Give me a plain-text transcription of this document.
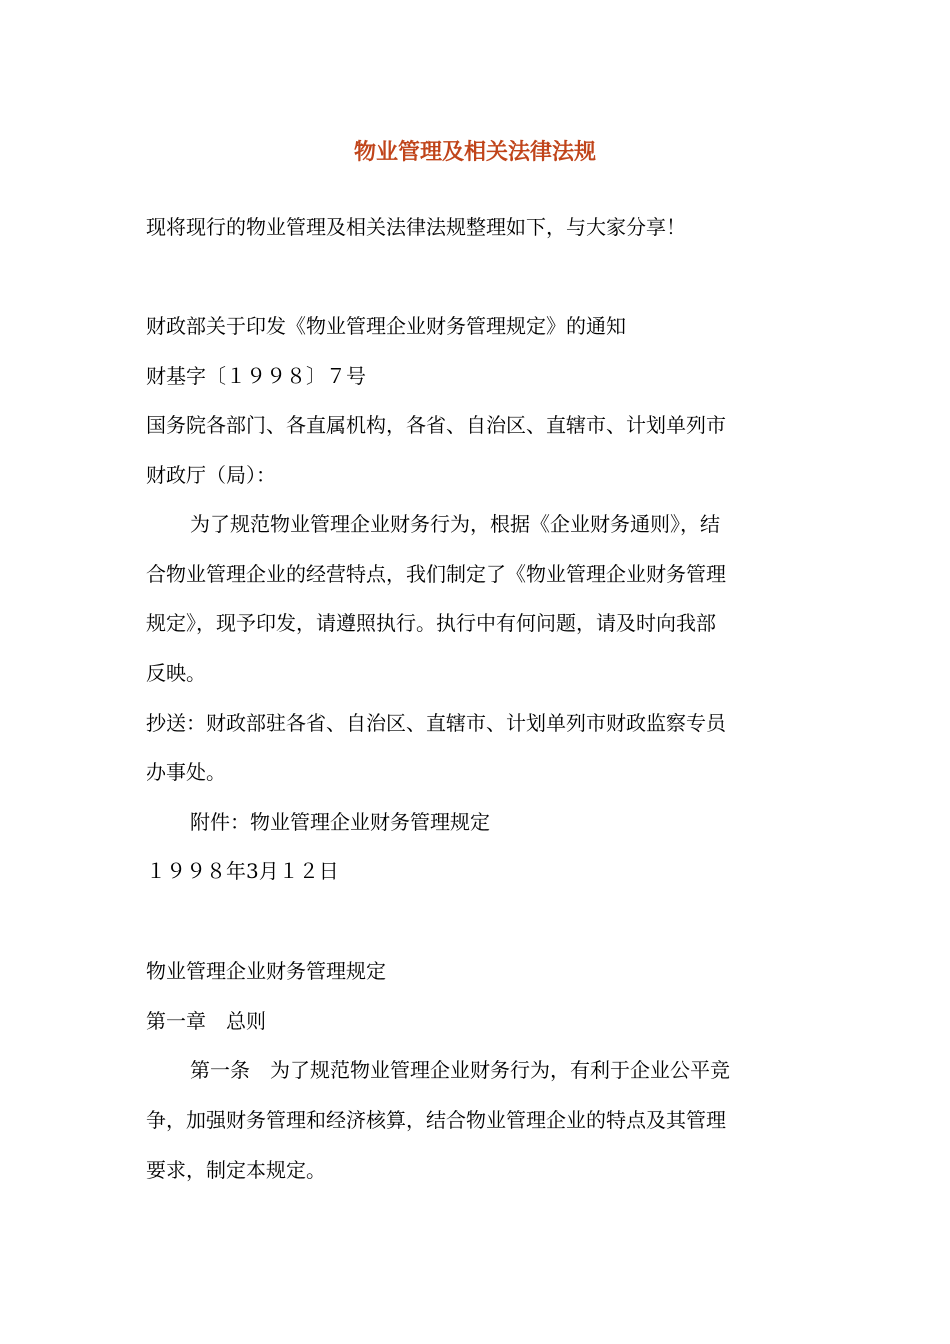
物业管理及相关法律法规
现将现行的物业管理及相关法律法规整理如下，与大家分享！
财政部关于印发《物业管理企业财务管理规定》的通知
财基字〔１９９８〕７号
国务院各部门、各直属机构，各省、自治区、直辖市、计划单列市
财政厅（局）：
为了规范物业管理企业财务行为，根据《企业财务通则》，结
合物业管理企业的经营特点，我们制定了《物业管理企业财务管理
规定》，现予印发，请遵照执行。执行中有何问题，请及时向我部
反映。
抄送：财政部驻各省、自治区、直辖市、计划单列市财政监察专员
办事处。
附件：物业管理企业财务管理规定
１９９８年3月１２日
物业管理企业财务管理规定
第一章　总则
第一条　为了规范物业管理企业财务行为，有利于企业公平竞
争，加强财务管理和经济核算，结合物业管理企业的特点及其管理
要求，制定本规定。
